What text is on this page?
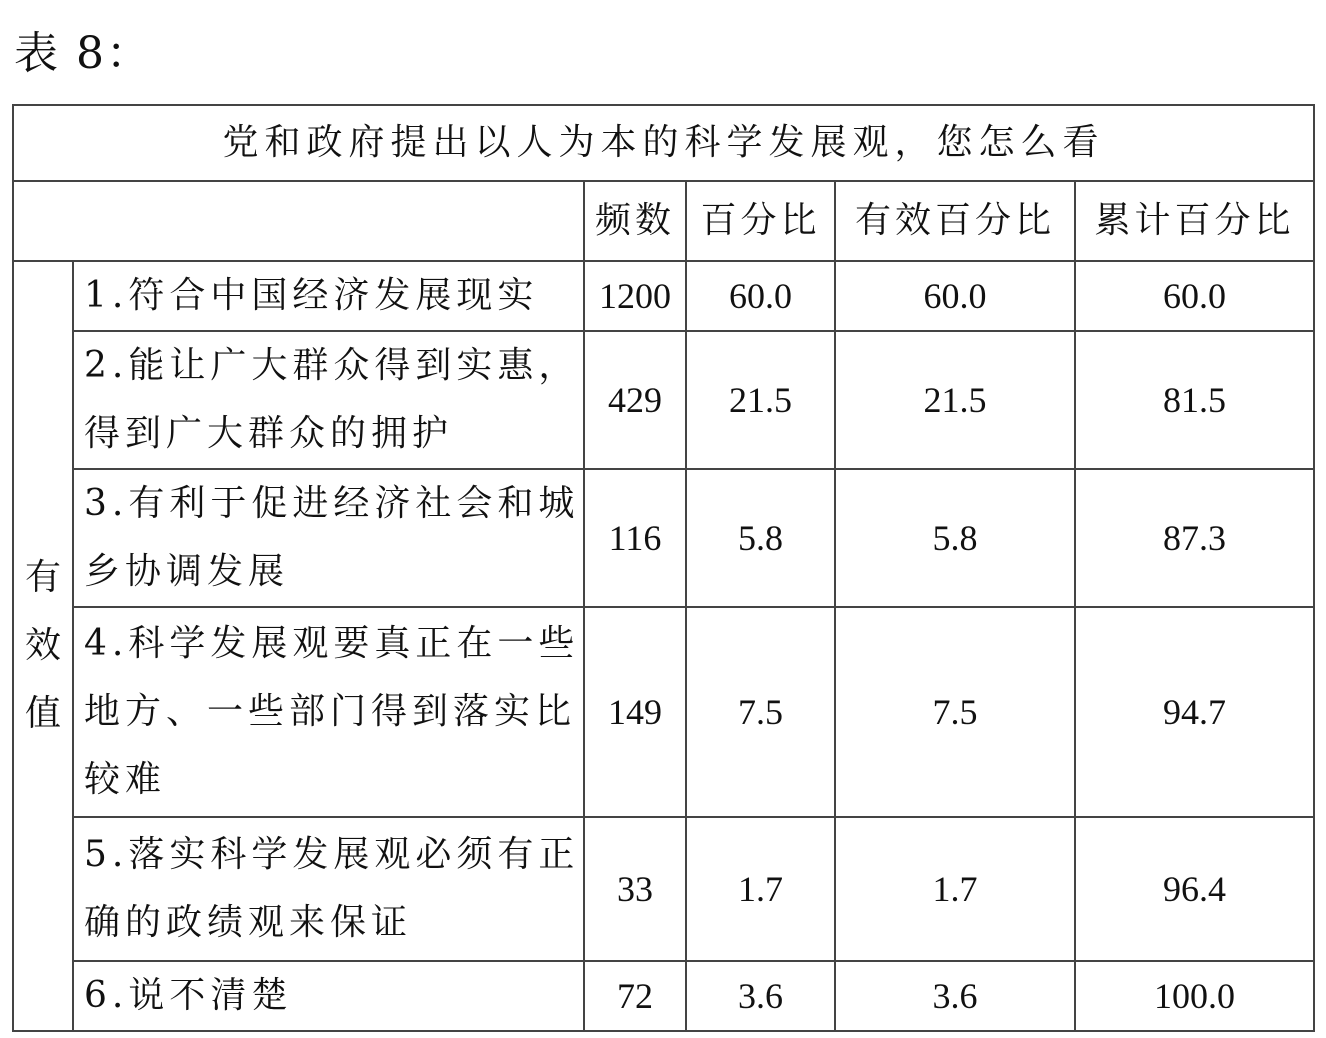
表 8：
党和政府提出以人为本的科学发展观，您怎么看					
		频数	百分比	有效百分比	累计百分比
有效值	1.符合中国经济发展现实	1200	60.0	60.0	60.0
	2.能让广大群众得到实惠，得到广大群众的拥护	429	21.5	21.5	81.5
	3.有利于促进经济社会和城乡协调发展	116	5.8	5.8	87.3
	4.科学发展观要真正在一些地方、一些部门得到落实比较难	149	7.5	7.5	94.7
	5.落实科学发展观必须有正确的政绩观来保证	33	1.7	1.7	96.4
	6.说不清楚	72	3.6	3.6	100.0
